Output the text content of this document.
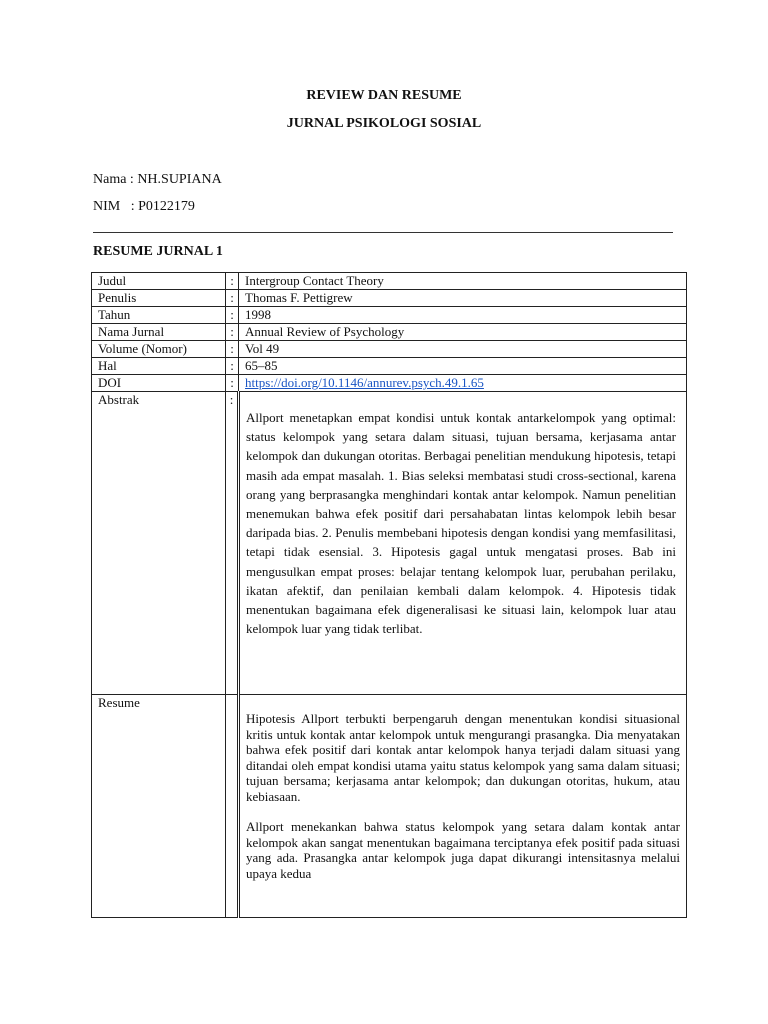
REVIEW DAN RESUME
JURNAL PSIKOLOGI SOSIAL
Nama : NH.SUPIANA
NIM   : P0122179
RESUME JURNAL 1
Judul	:	Intergroup Contact Theory
Penulis	:	Thomas F. Pettigrew
Tahun	:	1998
Nama Jurnal	:	Annual Review of Psychology
Volume (Nomor)	:	Vol 49
Hal	:	65–85
DOI	:	https://doi.org/10.1146/annurev.psych.49.1.65
Abstrak	:	Allport menetapkan empat kondisi untuk kontak antarkelompok yang optimal: status kelompok yang setara dalam situasi, tujuan bersama, kerjasama antar kelompok dan dukungan otoritas. Berbagai penelitian mendukung hipotesis, tetapi masih ada empat masalah. 1. Bias seleksi membatasi studi cross-sectional, karena orang yang berprasangka menghindari kontak antar kelompok. Namun penelitian menemukan bahwa efek positif dari persahabatan lintas kelompok lebih besar daripada bias. 2. Penulis membebani hipotesis dengan kondisi yang memfasilitasi, tetapi tidak esensial. 3. Hipotesis gagal untuk mengatasi proses. Bab ini mengusulkan empat proses: belajar tentang kelompok luar, perubahan perilaku, ikatan afektif, dan penilaian kembali dalam kelompok. 4. Hipotesis tidak menentukan bagaimana efek digeneralisasi ke situasi lain, kelompok luar atau kelompok luar yang tidak terlibat.

Resume		Hipotesis Allport terbukti berpengaruh dengan menentukan kondisi situasional kritis untuk kontak antar kelompok untuk mengurangi prasangka. Dia menyatakan bahwa efek positif dari kontak antar kelompok hanya terjadi dalam situasi yang ditandai oleh empat kondisi utama yaitu status kelompok yang sama dalam situasi; tujuan bersama; kerjasama antar kelompok; dan dukungan otoritas, hukum, atau kebiasaan.

Allport menekankan bahwa status kelompok yang setara dalam kontak antar kelompok akan sangat menentukan bagaimana terciptanya efek positif pada situasi yang ada. Prasangka antar kelompok juga dapat dikurangi intensitasnya melalui upaya kedua
